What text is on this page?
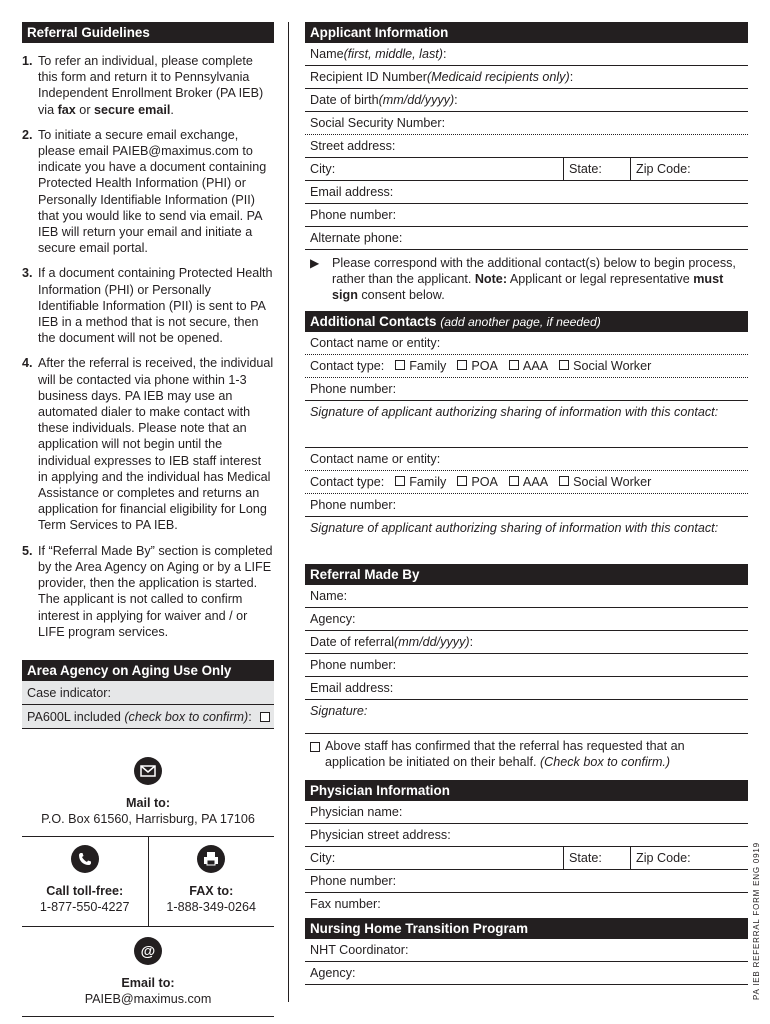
Referral Guidelines
1. To refer an individual, please complete this form and return it to Pennsylvania Independent Enrollment Broker (PA IEB) via fax or secure email.
2. To initiate a secure email exchange, please email PAIEB@maximus.com to indicate you have a document containing Protected Health Information (PHI) or Personally Identifiable Information (PII) that you would like to send via email. PA IEB will return your email and initiate a secure email portal.
3. If a document containing Protected Health Information (PHI) or Personally Identifiable Information (PII) is sent to PA IEB in a method that is not secure, then the document will not be opened.
4. After the referral is received, the individual will be contacted via phone within 1-3 business days. PA IEB may use an automated dialer to make contact with these individuals. Please note that an application will not begin until the individual expresses to IEB staff interest in applying and the individual has Medical Assistance or completes and returns an application for financial eligibility for Long Term Services to PA IEB.
5. If “Referral Made By” section is completed by the Area Agency on Aging or by a LIFE provider, then the application is started. The applicant is not called to confirm interest in applying for waiver and / or LIFE program services.
Area Agency on Aging Use Only
Case indicator:
PA600L included (check box to confirm):
Mail to:
P.O. Box 61560, Harrisburg, PA 17106
Call toll-free:
1-877-550-4227
FAX to:
1-888-349-0264
@
Email to:
PAIEB@maximus.com
Applicant Information
Name (first, middle, last) :
Recipient ID Number (Medicaid recipients only) :
Date of birth (mm/dd/yyyy) :
Social Security Number:
Street address:
City:	State:	Zip Code:
Email address:
Phone number:
Alternate phone:
▶	Please correspond with the additional contact(s) below to begin process, rather than the applicant. Note: Applicant or legal representative must sign consent below.
Additional Contacts (add another page, if needed)
Contact name or entity:
Contact type:	Family	POA	AAA	Social Worker
Phone number:
Signature of applicant authorizing sharing of information with this contact:
Contact name or entity:
Contact type:	Family	POA	AAA	Social Worker
Phone number:
Signature of applicant authorizing sharing of information with this contact:
Referral Made By
Name:
Agency:
Date of referral (mm/dd/yyyy) :
Phone number:
Email address:
Signature:
Above staff has confirmed that the referral has requested that an application be initiated on their behalf. (Check box to confirm.)
Physician Information
Physician name:
Physician street address:
City:	State:	Zip Code:
Phone number:
Fax number:
Nursing Home Transition Program
NHT Coordinator:
Agency:	PA IEB REFERRAL FORM ENG 0919
